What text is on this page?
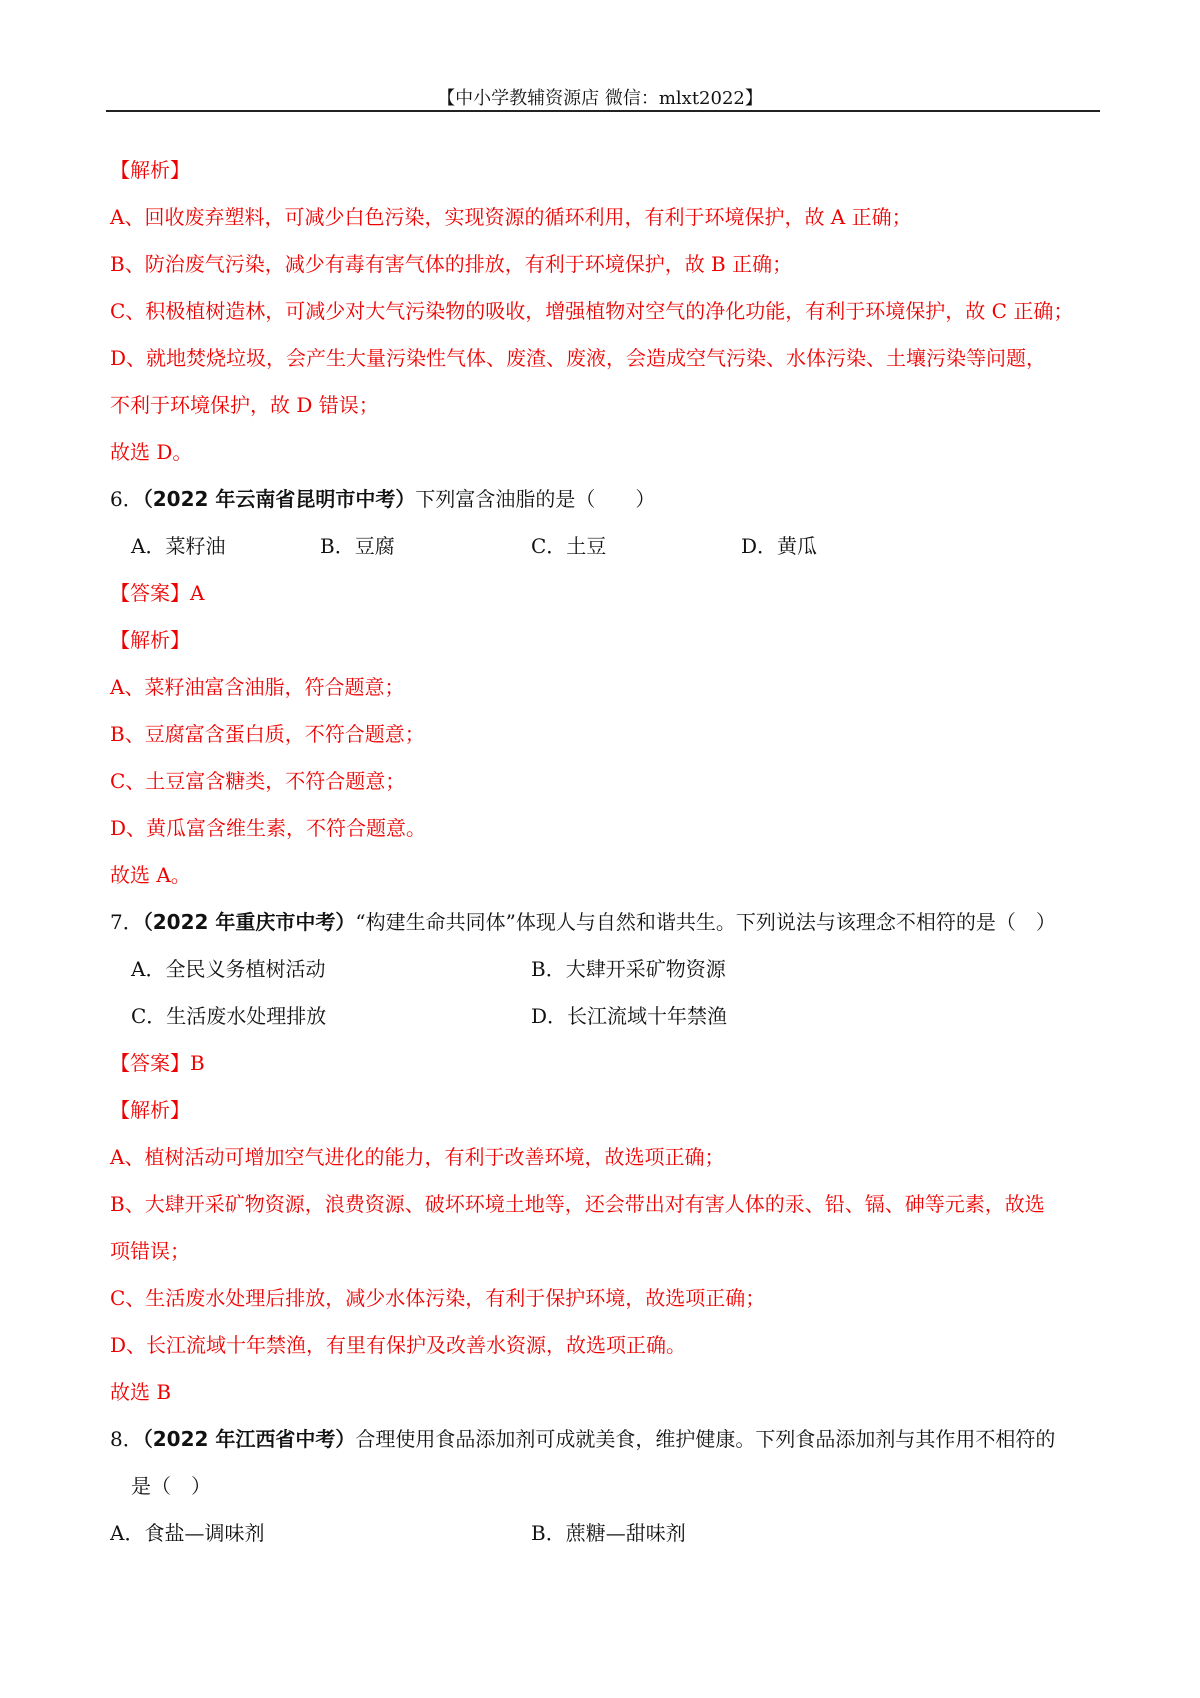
【中小学教辅资源店 微信：mlxt2022】
【解析】
A、回收废弃塑料，可减少白色污染，实现资源的循环利用，有利于环境保护，故 A 正确；
B、防治废气污染，减少有毒有害气体的排放，有利于环境保护，故 B 正确；
C、积极植树造林，可减少对大气污染物的吸收，增强植物对空气的净化功能，有利于环境保护，故 C 正确；
D、就地焚烧垃圾，会产生大量污染性气体、废渣、废液，会造成空气污染、水体污染、土壤污染等问题，
不利于环境保护，故 D 错误；
故选 D。
6．（2022 年云南省昆明市中考）下列富含油脂的是（　　）
A．菜籽油	B．豆腐	C．土豆	D．黄瓜
【答案】A
【解析】
A、菜籽油富含油脂，符合题意；
B、豆腐富含蛋白质，不符合题意；
C、土豆富含糖类，不符合题意；
D、黄瓜富含维生素，不符合题意。
故选 A。
7．（2022 年重庆市中考）“构建生命共同体”体现人与自然和谐共生。下列说法与该理念不相符的是（　）
A．全民义务植树活动	B．大肆开采矿物资源
C．生活废水处理排放	D．长江流域十年禁渔
【答案】B
【解析】
A、植树活动可增加空气进化的能力，有利于改善环境，故选项正确；
B、大肆开采矿物资源，浪费资源、破坏环境土地等，还会带出对有害人体的汞、铅、镉、砷等元素，故选
项错误；
C、生活废水处理后排放，减少水体污染，有利于保护环境，故选项正确；
D、长江流域十年禁渔，有里有保护及改善水资源，故选项正确。
故选 B
8．（2022 年江西省中考）合理使用食品添加剂可成就美食，维护健康。下列食品添加剂与其作用不相符的
是（　）
A．食盐—调味剂	B．蔗糖—甜味剂
